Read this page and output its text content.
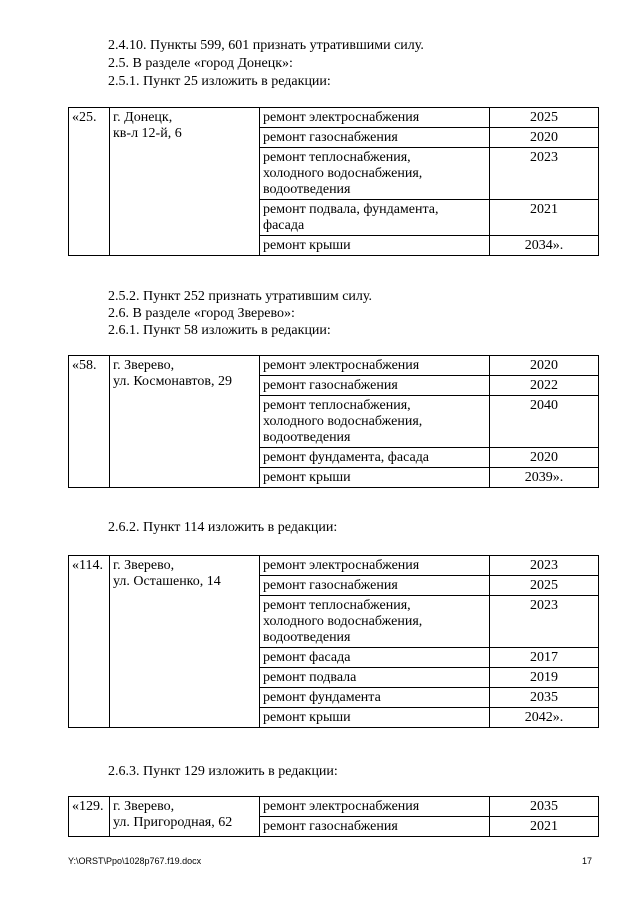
2.4.10. Пункты 599, 601 признать утратившими силу.
2.5. В разделе «город Донецк»:
2.5.1. Пункт 25 изложить в редакции:
«25.	г. Донецк,
кв-л 12-й, 6	ремонт электроснабжения	2025
		ремонт газоснабжения	2020
		ремонт теплоснабжения,
холодного водоснабжения,
водоотведения	2023
		ремонт подвала, фундамента,
фасада	2021
		ремонт крыши	2034».
2.5.2. Пункт 252 признать утратившим силу.
2.6. В разделе «город Зверево»:
2.6.1. Пункт 58 изложить в редакции:
«58.	г. Зверево,
ул. Космонавтов, 29	ремонт электроснабжения	2020
		ремонт газоснабжения	2022
		ремонт теплоснабжения,
холодного водоснабжения,
водоотведения	2040
		ремонт фундамента, фасада	2020
		ремонт крыши	2039».
2.6.2. Пункт 114 изложить в редакции:
«114.	г. Зверево,
ул. Осташенко, 14	ремонт электроснабжения	2023
		ремонт газоснабжения	2025
		ремонт теплоснабжения,
холодного водоснабжения,
водоотведения	2023
		ремонт фасада	2017
		ремонт подвала	2019
		ремонт фундамента	2035
		ремонт крыши	2042».
2.6.3. Пункт 129 изложить в редакции:
«129.	г. Зверево,
ул. Пригородная, 62	ремонт электроснабжения	2035
		ремонт газоснабжения	2021
Y:\ORST\Ppo\1028p767.f19.docx	17
